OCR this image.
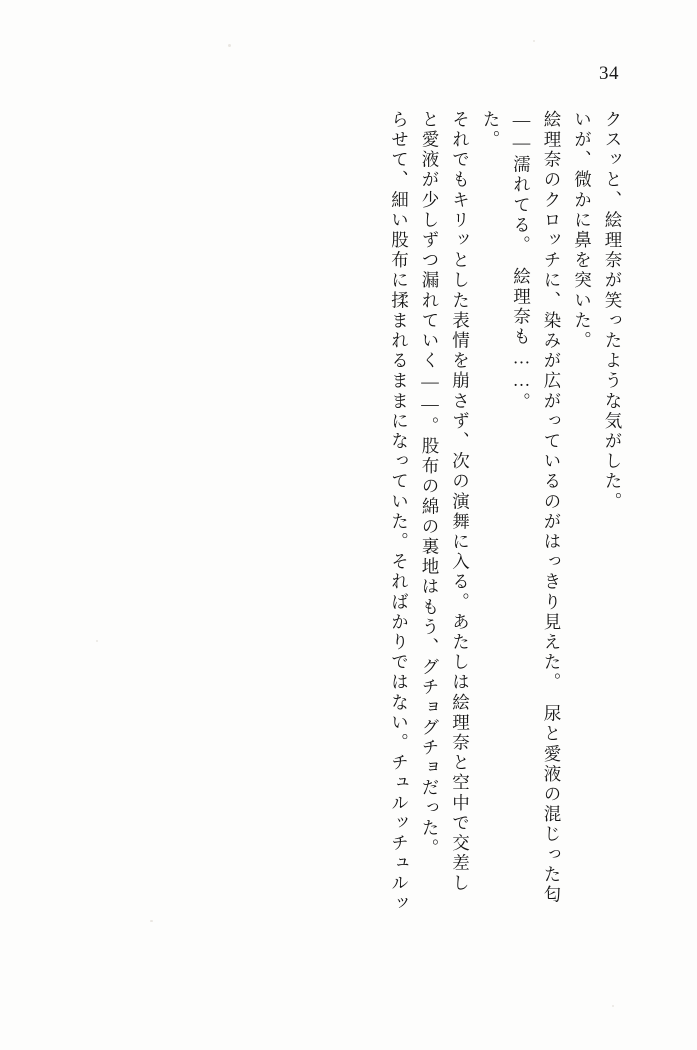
34
らせて、細い股布に揉まれるままになっていた。そればかりではない。チュルッチュルッ と愛液が少しずつ漏れていく——。股布の綿の裏地はもう、グチョグチョだった。 それでもキリッとした表情を崩さず、次の演舞に入る。あたしは絵理奈と空中で交差し た。 ——濡れてる。　絵理奈も……。 絵理奈のクロッチに、染みが広がっているのがはっきり見えた。　尿と愛液の混じった匂 いが、微かに鼻を突いた。 クスッと、絵理奈が笑ったような気がした。
